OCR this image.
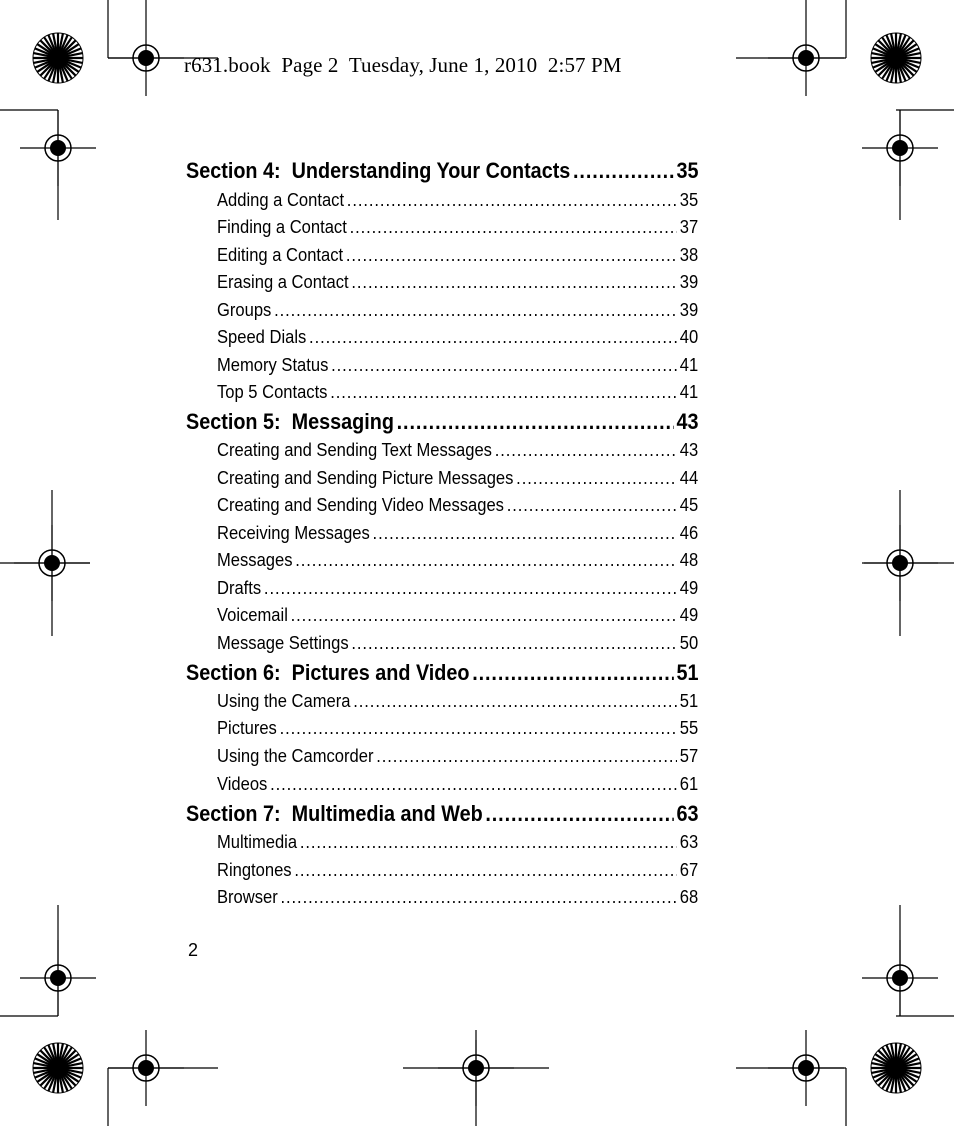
r631.book  Page 2  Tuesday, June 1, 2010  2:57 PM
Section 4:  Understanding Your Contacts .....	35
Adding a Contact .....	35
Finding a Contact .....	37
Editing a Contact .....	38
Erasing a Contact .....	39
Groups .....	39
Speed Dials .....	40
Memory Status .....	41
Top 5 Contacts .....	41
Section 5:  Messaging .....	43
Creating and Sending Text Messages .....	43
Creating and Sending Picture Messages .....	44
Creating and Sending Video Messages .....	45
Receiving Messages .....	46
Messages .....	48
Drafts .....	49
Voicemail .....	49
Message Settings .....	50
Section 6:  Pictures and Video .....	51
Using the Camera .....	51
Pictures .....	55
Using the Camcorder .....	57
Videos .....	61
Section 7:  Multimedia and Web .....	63
Multimedia .....	63
Ringtones .....	67
Browser .....	68
2
